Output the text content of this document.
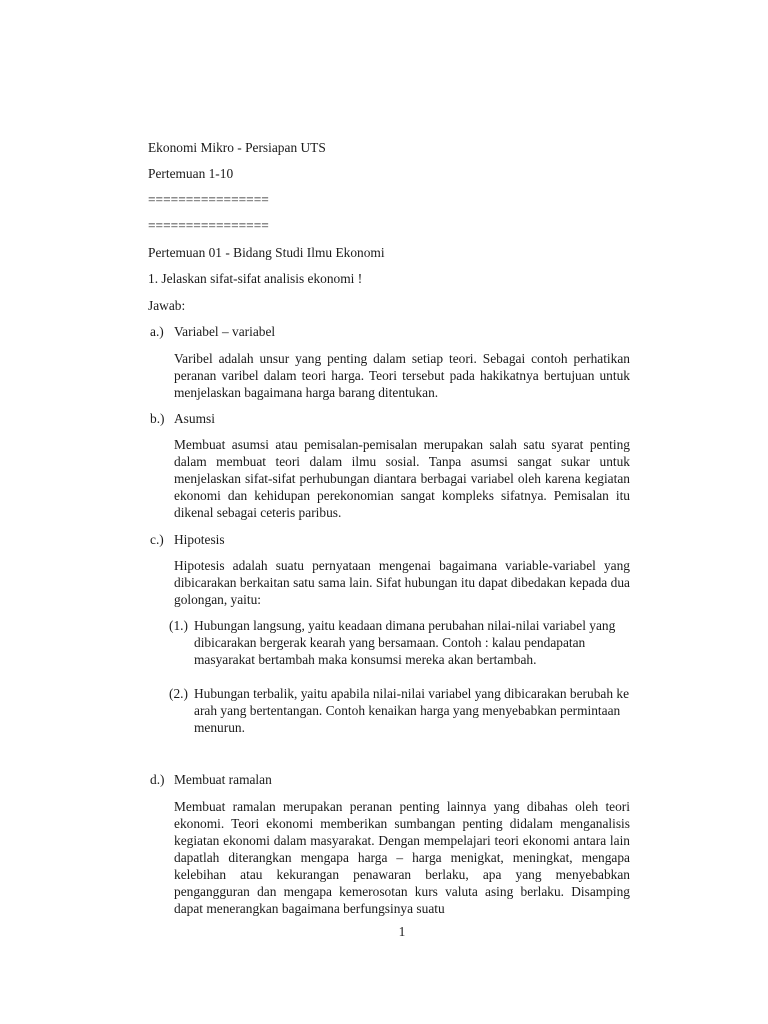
Ekonomi Mikro - Persiapan UTS
Pertemuan 1-10
================
================
Pertemuan 01 - Bidang Studi Ilmu Ekonomi
1. Jelaskan sifat-sifat analisis ekonomi !
Jawab:
a.) Variabel – variabel
Varibel adalah unsur yang penting dalam setiap teori. Sebagai contoh perhatikan peranan varibel dalam teori harga. Teori tersebut pada hakikatnya bertujuan untuk menjelaskan bagaimana harga barang ditentukan.
b.) Asumsi
Membuat asumsi atau pemisalan-pemisalan merupakan salah satu syarat penting dalam membuat teori dalam ilmu sosial. Tanpa asumsi sangat sukar untuk menjelaskan sifat-sifat perhubungan diantara berbagai variabel oleh karena kegiatan ekonomi dan kehidupan perekonomian sangat kompleks sifatnya. Pemisalan itu dikenal sebagai ceteris paribus.
c.) Hipotesis
Hipotesis adalah suatu pernyataan mengenai bagaimana variable-variabel yang dibicarakan berkaitan satu sama lain. Sifat hubungan itu dapat dibedakan kepada dua golongan, yaitu:
(1.) Hubungan langsung, yaitu keadaan dimana perubahan nilai-nilai variabel yang dibicarakan bergerak kearah yang bersamaan. Contoh : kalau pendapatan masyarakat bertambah maka konsumsi mereka akan bertambah.
(2.) Hubungan terbalik, yaitu apabila nilai-nilai variabel yang dibicarakan berubah ke arah yang bertentangan. Contoh kenaikan harga yang menyebabkan permintaan menurun.
d.) Membuat ramalan
Membuat ramalan merupakan peranan penting lainnya yang dibahas oleh teori ekonomi. Teori ekonomi memberikan sumbangan penting didalam menganalisis kegiatan ekonomi dalam masyarakat. Dengan mempelajari teori ekonomi antara lain dapatlah diterangkan mengapa harga – harga menigkat, meningkat, mengapa kelebihan atau kekurangan penawaran berlaku, apa yang menyebabkan pengangguran dan mengapa kemerosotan kurs valuta asing berlaku. Disamping dapat menerangkan bagaimana berfungsinya suatu
1
